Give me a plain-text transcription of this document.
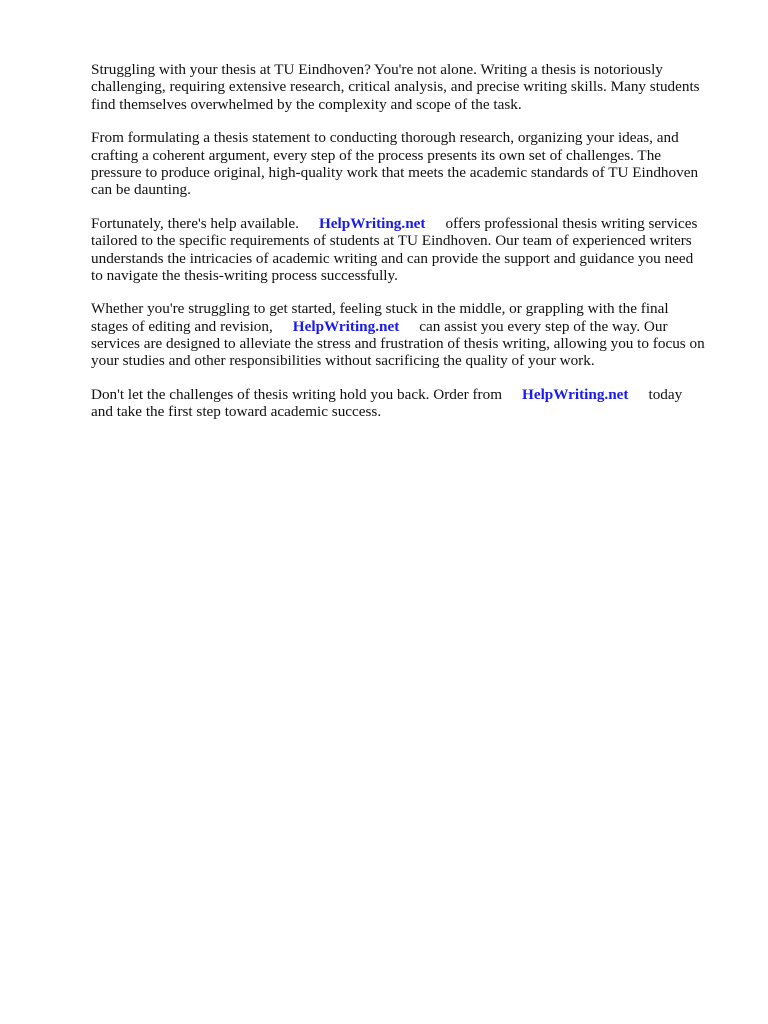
Struggling with your thesis at TU Eindhoven? You're not alone. Writing a thesis is notoriously
challenging, requiring extensive research, critical analysis, and precise writing skills. Many students
find themselves overwhelmed by the complexity and scope of the task.

From formulating a thesis statement to conducting thorough research, organizing your ideas, and
crafting a coherent argument, every step of the process presents its own set of challenges. The
pressure to produce original, high-quality work that meets the academic standards of TU Eindhoven
can be daunting.

Fortunately, there's help available. HelpWriting.net offers professional thesis writing services
tailored to the specific requirements of students at TU Eindhoven. Our team of experienced writers
understands the intricacies of academic writing and can provide the support and guidance you need
to navigate the thesis-writing process successfully.

Whether you're struggling to get started, feeling stuck in the middle, or grappling with the final
stages of editing and revision, HelpWriting.net can assist you every step of the way. Our
services are designed to alleviate the stress and frustration of thesis writing, allowing you to focus on
your studies and other responsibilities without sacrificing the quality of your work.

Don't let the challenges of thesis writing hold you back. Order from HelpWriting.net today
and take the first step toward academic success.
